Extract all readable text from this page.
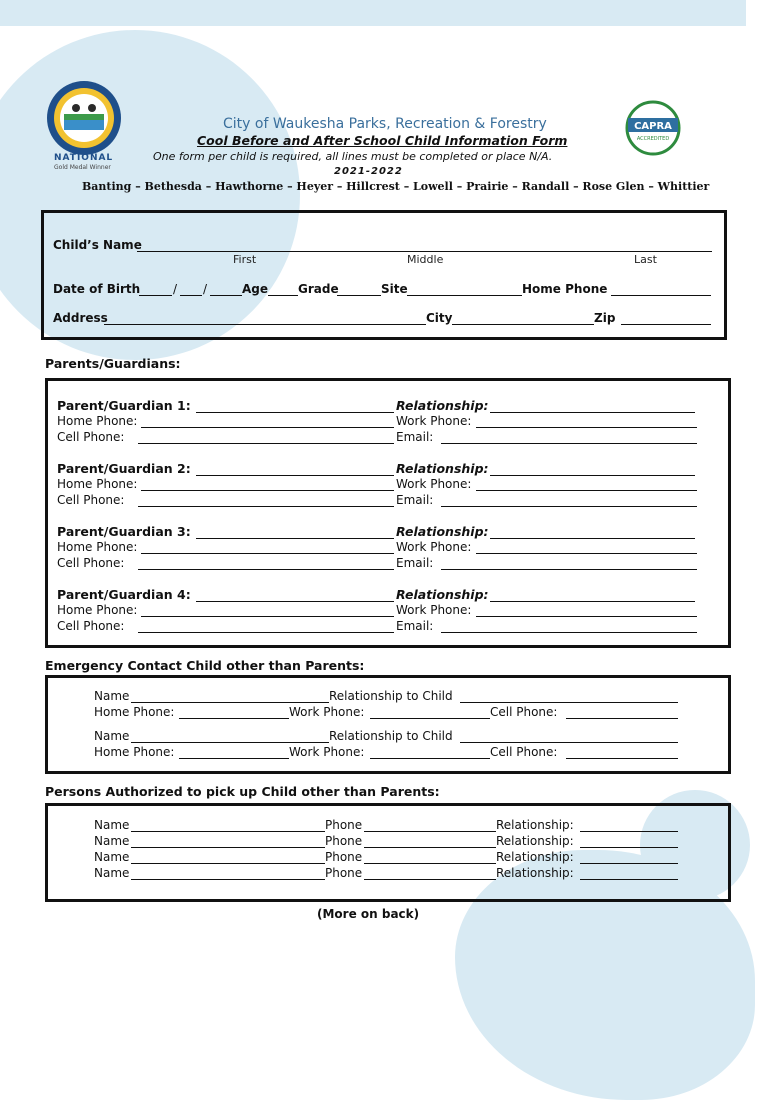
NATIONAL
Gold Medal Winner
CAPRA
ACCREDITED
City of Waukesha Parks, Recreation & Forestry
Cool Before and After School Child Information Form
One form per child is required, all lines must be completed or place N/A.
2021-2022
Banting – Bethesda – Hawthorne – Heyer – Hillcrest – Lowell – Prairie – Randall – Rose Glen – Whittier
Child’s Name
First	Middle	Last
Date of Birth	/ /	Age Grade	Site	Home Phone
Address	City	Zip
Parents/Guardians:
Parent/Guardian 1:	Relationship:
Home Phone:	Work Phone:
Cell Phone:	Email:
Parent/Guardian 2:	Relationship:
Home Phone:	Work Phone:
Cell Phone:	Email:
Parent/Guardian 3:	Relationship:
Home Phone:	Work Phone:
Cell Phone:	Email:
Parent/Guardian 4:	Relationship:
Home Phone:	Work Phone:
Cell Phone:	Email:
Emergency Contact Child other than Parents:
Name	Relationship to Child
Home Phone:	Work Phone:	Cell Phone:
Name	Relationship to Child
Home Phone:	Work Phone:	Cell Phone:
Persons Authorized to pick up Child other than Parents:
Name	Phone	Relationship:
Name	Phone	Relationship:
Name	Phone	Relationship:
Name	Phone	Relationship:
(More on back)
